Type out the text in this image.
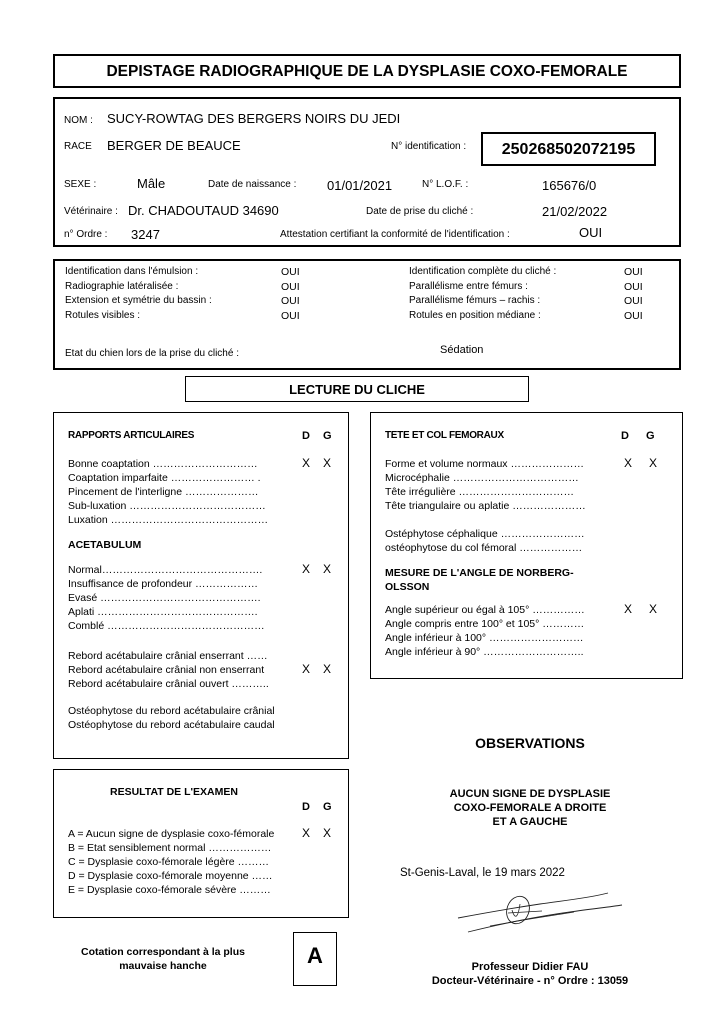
DEPISTAGE RADIOGRAPHIQUE DE LA DYSPLASIE COXO-FEMORALE
NOM : SUCY-ROWTAG DES BERGERS NOIRS DU JEDI
RACE BERGER DE BEAUCE	N° identification :	250268502072195
SEXE :	Mâle	Date de naissance : 01/01/2021	N° L.O.F. :	165676/0
Vétérinaire : Dr. CHADOUTAUD 34690	Date de prise du cliché :	21/02/2022
n° Ordre : 3247	Attestation certifiant la conformité de l'identification :	OUI
Identification dans l'émulsion :	OUI
Radiographie latéralisée :	OUI
Extension et symétrie du bassin :	OUI
Rotules visibles :	OUI
Identification complète du cliché :	OUI
Parallélisme entre fémurs :	OUI
Parallélisme fémurs – rachis :	OUI
Rotules en position médiane :	OUI
Etat du chien lors de la prise du cliché :	Sédation
LECTURE DU CLICHE
RAPPORTS ARTICULAIRES	D G
Bonne coaptation …………………………	X X
Coaptation imparfaite …………………… .
Pincement de l'interligne …………………
Sub-luxation …………………………………
Luxation ………………………………………
ACETABULUM
Normal……………………………………….	X X
Insuffisance de profondeur ………………
Evasé ……………………………………….
Aplati ……………………………………….
Comblé ………………………………………
Rebord acétabulaire crânial enserrant ……
Rebord acétabulaire crânial non enserrant	X X
Rebord acétabulaire crânial ouvert ………..
Ostéophytose du rebord acétabulaire crânial
Ostéophytose du rebord acétabulaire caudal
TETE ET COL FEMORAUX	D G
Forme et volume normaux …………………	X X
Microcéphalie ………………………………
Tête irrégulière ……………………………
Tête triangulaire ou aplatie …………………
Ostéphytose céphalique ……………………
ostéophytose du col fémoral ………………
MESURE DE L'ANGLE DE NORBERG-
OLSSON
Angle supérieur ou égal à 105° ……………	X X
Angle compris entre 100° et 105° …………
Angle inférieur à 100° ………………………
Angle inférieur à 90° ………………………..
RESULTAT DE L'EXAMEN
D G
A = Aucun signe de dysplasie coxo-fémorale X X
B = Etat sensiblement normal ………………
C = Dysplasie coxo-fémorale légère ………
D = Dysplasie coxo-fémorale moyenne ……
E = Dysplasie coxo-fémorale sévère ………
Cotation correspondant à la plus
mauvaise hanche	A
OBSERVATIONS
AUCUN SIGNE DE DYSPLASIE
COXO-FEMORALE A DROITE
ET A GAUCHE
St-Genis-Laval, le 19 mars 2022
Professeur Didier FAU
Docteur-Vétérinaire - n° Ordre : 13059
